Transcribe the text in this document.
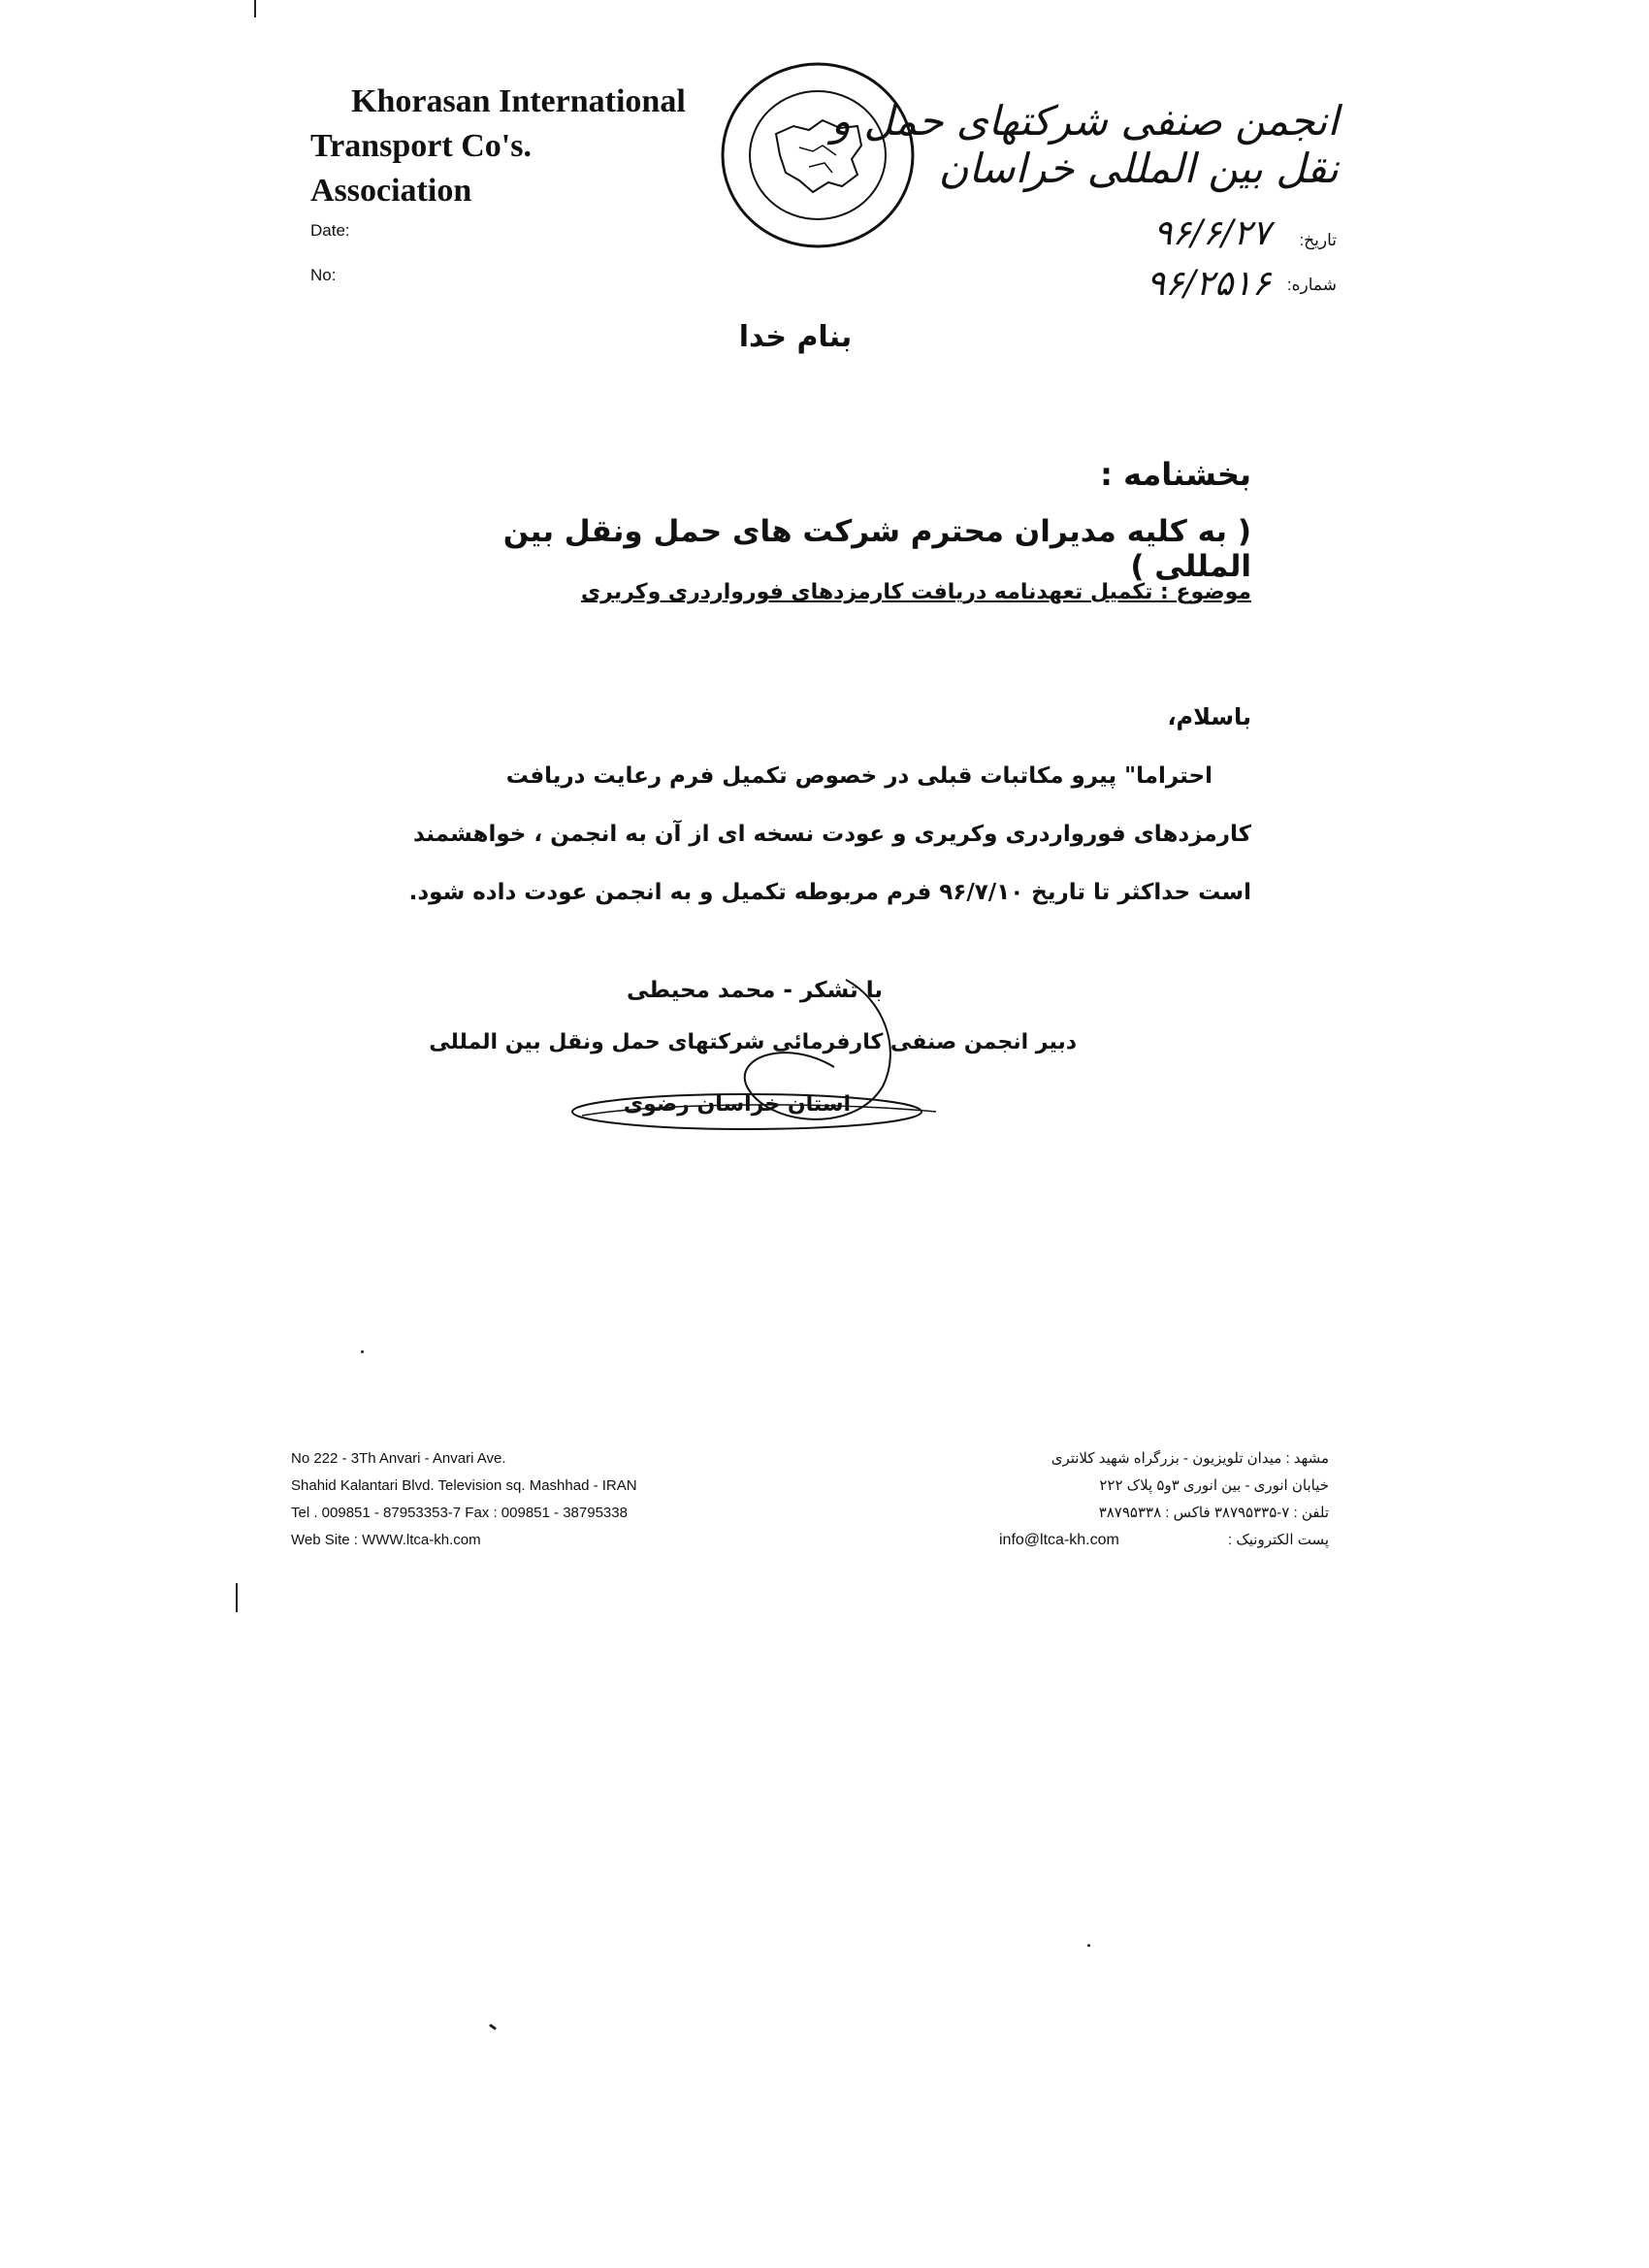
Khorasan International
Transport Co's. Association
انجمن صنفی شرکتهای حمل و نقل بین المللی خراسان
Date:
No:
تاریخ:
شماره:
۹۶/۶/۲۷
۹۶/۲۵۱۶
بنام خدا
بخشنامه :
( به کلیه مدیران محترم شرکت های حمل ونقل بین المللی )
موضوع : تکمیل تعهدنامه دریافت کارمزدهای فورواردری وکریری
باسلام،
احتراما" پیرو مکاتبات قبلی در خصوص تکمیل فرم رعایت دریافت
کارمزدهای فورواردری وکریری و عودت نسخه ای از آن به انجمن ، خواهشمند
است حداکثر تا تاریخ ۹۶/۷/۱۰ فرم مربوطه تکمیل و به انجمن عودت داده شود.
با تشکر - محمد محیطی
دبیر انجمن صنفی کارفرمائی شرکتهای حمل ونقل بین المللی
استان خراسان رضوی
No 222 - 3Th Anvari - Anvari Ave.
Shahid Kalantari Blvd. Television sq. Mashhad - IRAN
Tel . 009851 - 87953353-7 Fax : 009851 - 38795338
Web Site : WWW.ltca-kh.com
مشهد : میدان تلویزیون - بزرگراه شهید کلانتری
خیابان انوری - بین انوری ۳و۵ پلاک ۲۲۲
تلفن : ۷-۳۸۷۹۵۳۳۵ فاکس : ۳۸۷۹۵۳۳۸
پست الکترونیک :
info@ltca-kh.com
